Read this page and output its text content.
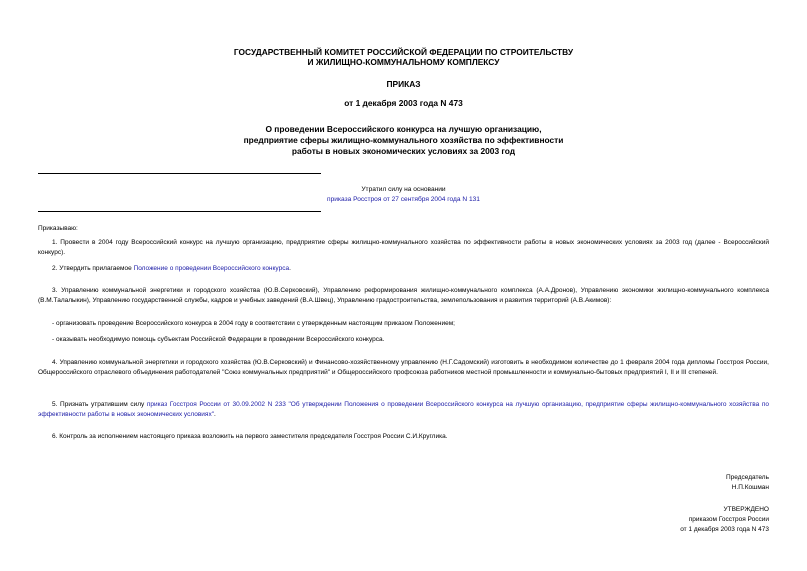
ГОСУДАРСТВЕННЫЙ КОМИТЕТ РОССИЙСКОЙ ФЕДЕРАЦИИ ПО СТРОИТЕЛЬСТВУ
И ЖИЛИЩНО-КОММУНАЛЬНОМУ КОМПЛЕКСУ
ПРИКАЗ
от 1 декабря 2003 года N 473
О проведении Всероссийского конкурса на лучшую организацию,
предприятие сферы жилищно-коммунального хозяйства по эффективности
работы в новых экономических условиях за 2003 год
Утратил силу на основании
приказа Росстроя от 27 сентября 2004 года N 131
Приказываю:
1. Провести в 2004 году Всероссийский конкурс на лучшую организацию, предприятие сферы жилищно-коммунального хозяйства по эффективности работы в новых экономических условиях за 2003 год (далее - Всероссийский конкурс).
2. Утвердить прилагаемое Положение о проведении Всероссийского конкурса.
3. Управлению коммунальной энергетики и городского хозяйства (Ю.В.Серковский), Управлению реформирования жилищно-коммунального комплекса (А.А.Дронов), Управлению экономики жилищно-коммунального комплекса (В.М.Талалыкин), Управлению государственной службы, кадров и учебных заведений (В.А.Швец), Управлению градостроительства, землепользования и развития территорий (А.В.Акимов):
- организовать проведение Всероссийского конкурса в 2004 году в соответствии с утвержденным настоящим приказом Положением;
- оказывать необходимую помощь субъектам Российской Федерации в проведении Всероссийского конкурса.
4. Управлению коммунальной энергетики и городского хозяйства (Ю.В.Серковский) и Финансово-хозяйственному управлению (Н.Г.Садомский) изготовить в необходимом количестве до 1 февраля 2004 года дипломы Госстроя России, Общероссийского отраслевого объединения работодателей "Союз коммунальных предприятий" и Общероссийского профсоюза работников местной промышленности и коммунально-бытовых предприятий I, II и III степеней.
5. Признать утратившим силу приказ Госстроя России от 30.09.2002 N 233 "Об утверждении Положения о проведении Всероссийского конкурса на лучшую организацию, предприятие сферы жилищно-коммунального хозяйства по эффективности работы в новых экономических условиях".
6. Контроль за исполнением настоящего приказа возложить на первого заместителя председателя Госстроя России С.И.Круглика.
Председатель
Н.П.Кошман
УТВЕРЖДЕНО
приказом Госстроя России
от 1 декабря 2003 года N 473
